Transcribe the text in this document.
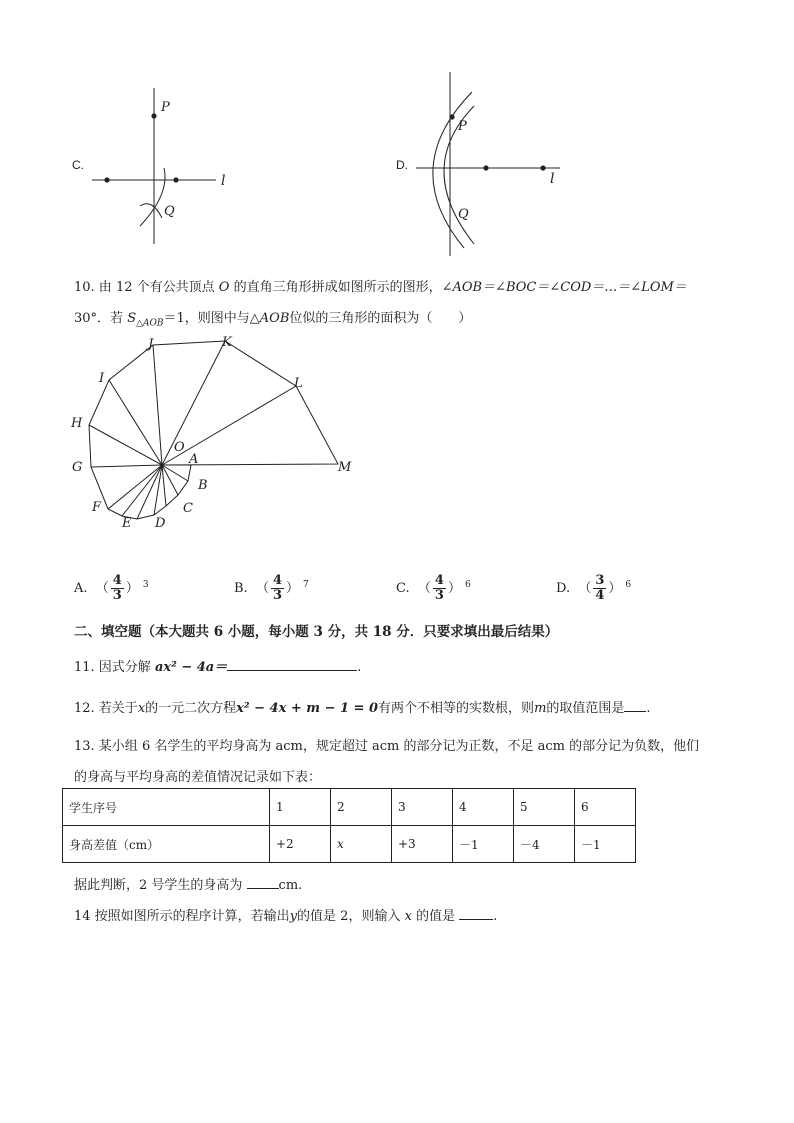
C.
P
Q
l
D.
P
Q
l
10. 由 12 个有公共顶点 O 的直角三角形拼成如图所示的图形，∠AOB＝∠BOC＝∠COD＝…＝∠LOM＝
30°．若 $S_{\triangle AOB}=1$，则图中与△AOB位似的三角形的面积为（　　）
J	K
I	L
H
O
A
G	M
B
F	C
E D
A.  （ $\frac{4}{3}$ ） $^3$	B.  （ $\frac{4}{3}$ ） $^7$	C.  （ $\frac{4}{3}$ ） $^6$	D.  （ $\frac{3}{4}$ ） $^6$
二、填空题（本大题共 6 小题，每小题 3 分，共 18 分．只要求填出最后结果）
11. 因式分解 ax² − 4a＝	.
12. 若关于x的一元二次方程x² − 4x + m − 1 = 0有两个不相等的实数根，则m的取值范围是 .
13. 某小组 6 名学生的平均身高为 acm，规定超过 acm 的部分记为正数，不足 acm 的部分记为负数，他们
的身高与平均身高的差值情况记录如下表：
学生序号	1	2	3	4	5	6
身高差值（cm）	+2	x	+3	－1	－4	－1
据此判断，2 号学生的身高为	cm.
14 按照如图所示的程序计算，若输出y的值是 2，则输入 x 的值是	.
